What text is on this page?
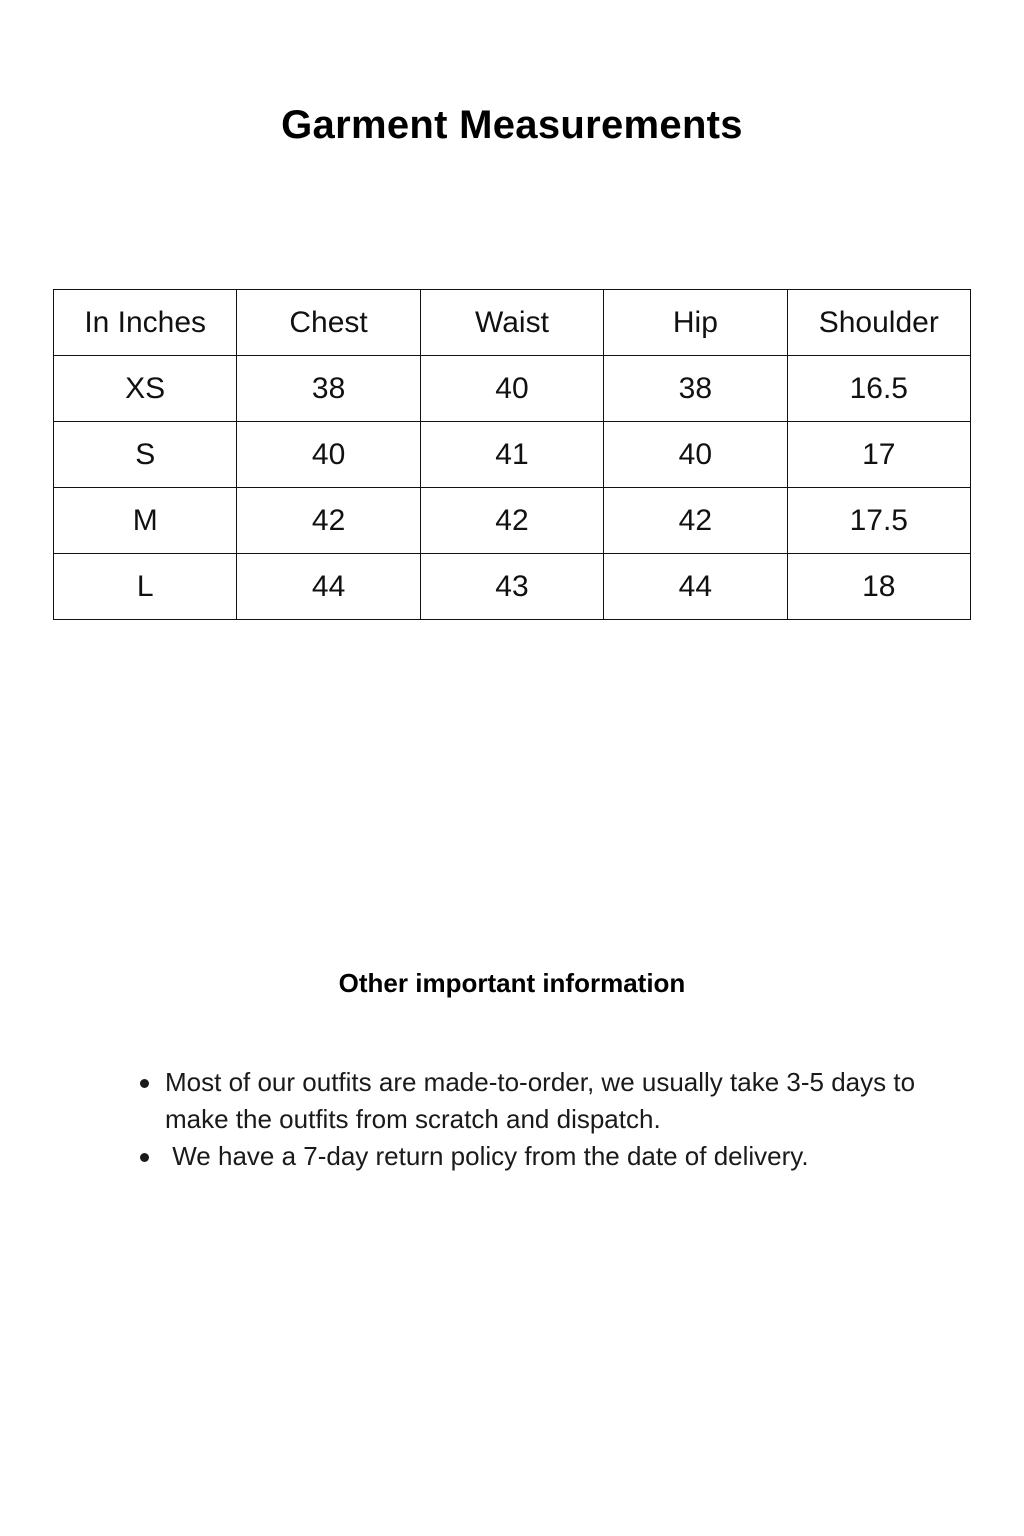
Garment Measurements
In Inches	Chest	Waist	Hip	Shoulder
XS	38	40	38	16.5
S	40	41	40	17
M	42	42	42	17.5
L	44	43	44	18
Other important information
Most of our outfits are made-to-order, we usually take 3-5 days to make the outfits from scratch and dispatch.
We have a 7-day return policy from the date of delivery.
